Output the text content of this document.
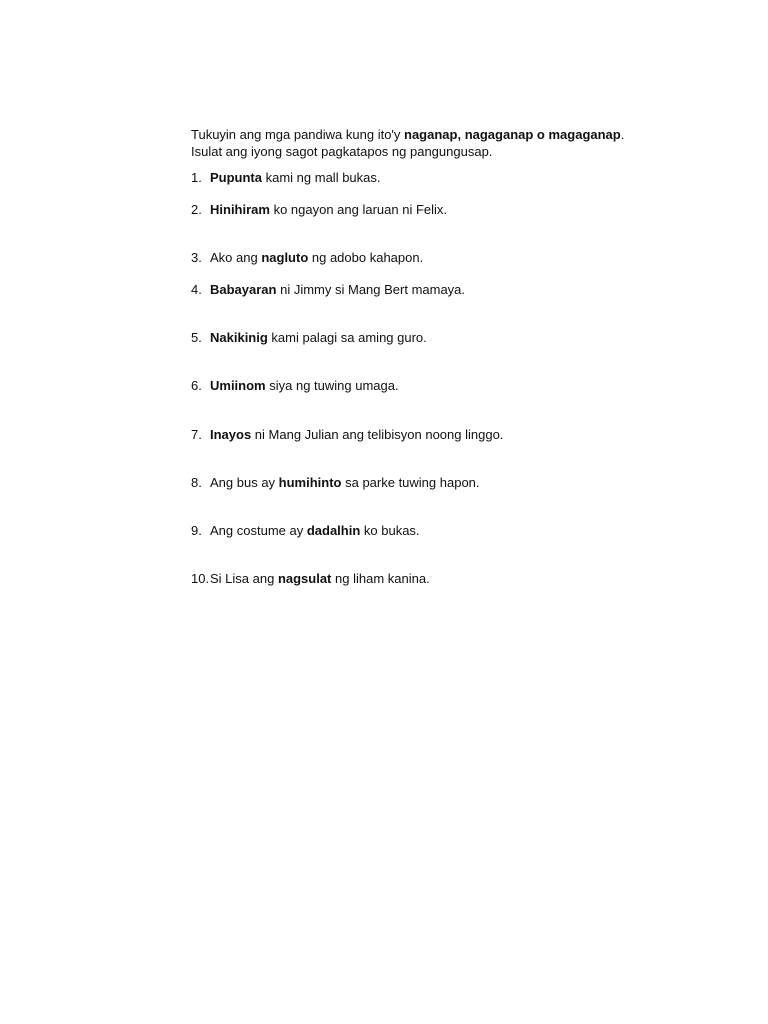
Tukuyin ang mga pandiwa kung ito'y naganap, nagaganap o magaganap.
Isulat ang iyong sagot pagkatapos ng pangungusap.
1. Pupunta kami ng mall bukas.
2. Hinihiram ko ngayon ang laruan ni Felix.
3. Ako ang nagluto ng adobo kahapon.
4. Babayaran ni Jimmy si Mang Bert mamaya.
5. Nakikinig kami palagi sa aming guro.
6. Umiinom siya ng tuwing umaga.
7. Inayos ni Mang Julian ang telibisyon noong linggo.
8. Ang bus ay humihinto sa parke tuwing hapon.
9. Ang costume ay dadalhin ko bukas.
10.Si Lisa ang nagsulat ng liham kanina.
